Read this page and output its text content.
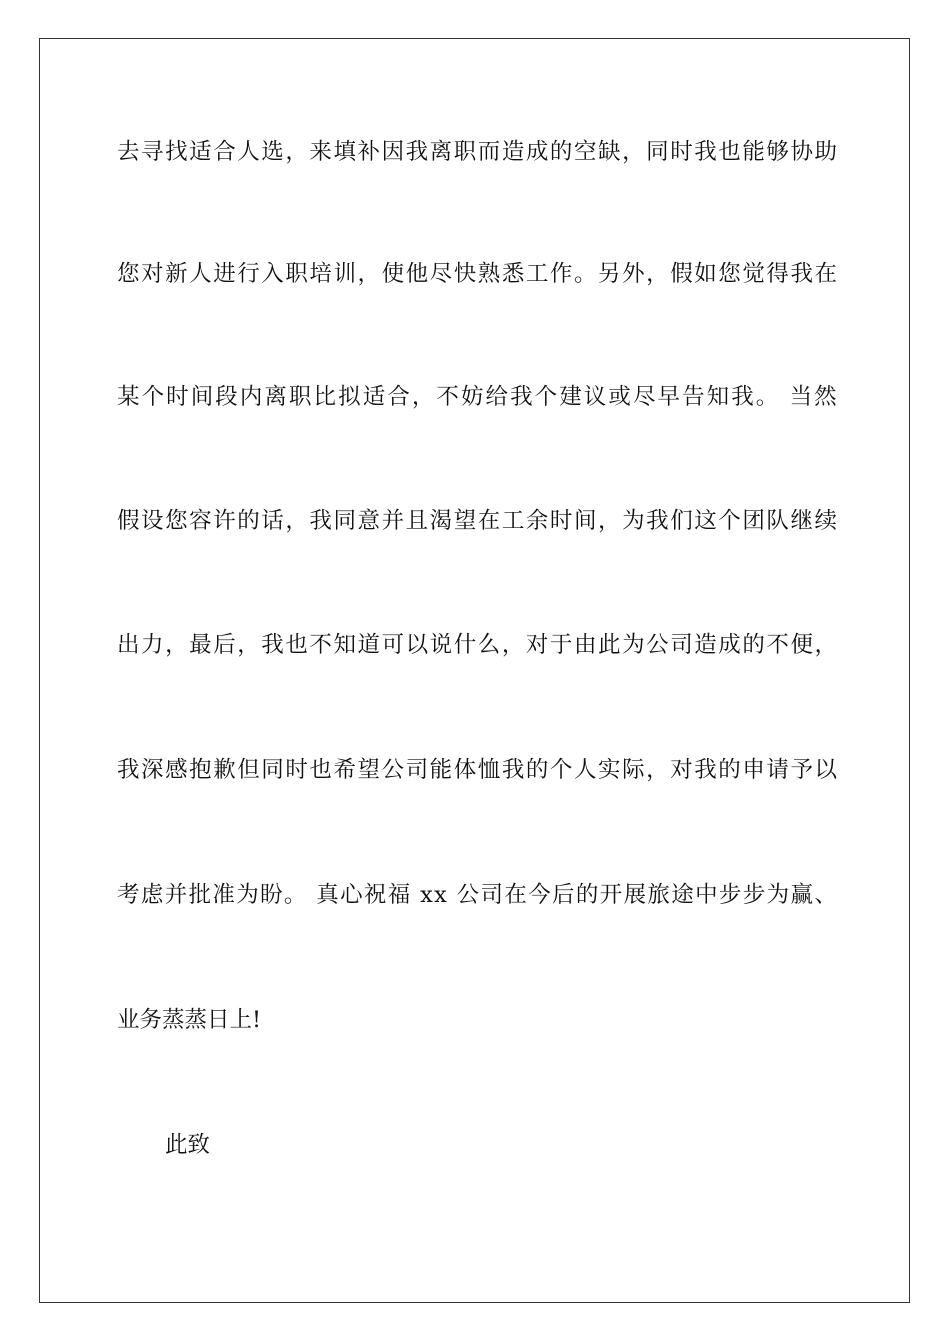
去寻找适合人选，来填补因我离职而造成的空缺，同时我也能够协助
您对新人进行入职培训，使他尽快熟悉工作。另外，假如您觉得我在
某个时间段内离职比拟适合，不妨给我个建议或尽早告知我。 当然
假设您容许的话，我同意并且渴望在工余时间，为我们这个团队继续
出力，最后，我也不知道可以说什么，对于由此为公司造成的不便，
我深感抱歉但同时也希望公司能体恤我的个人实际，对我的申请予以
考虑并批准为盼。 真心祝福 xx 公司在今后的开展旅途中步步为赢、
业务蒸蒸日上!
此致
